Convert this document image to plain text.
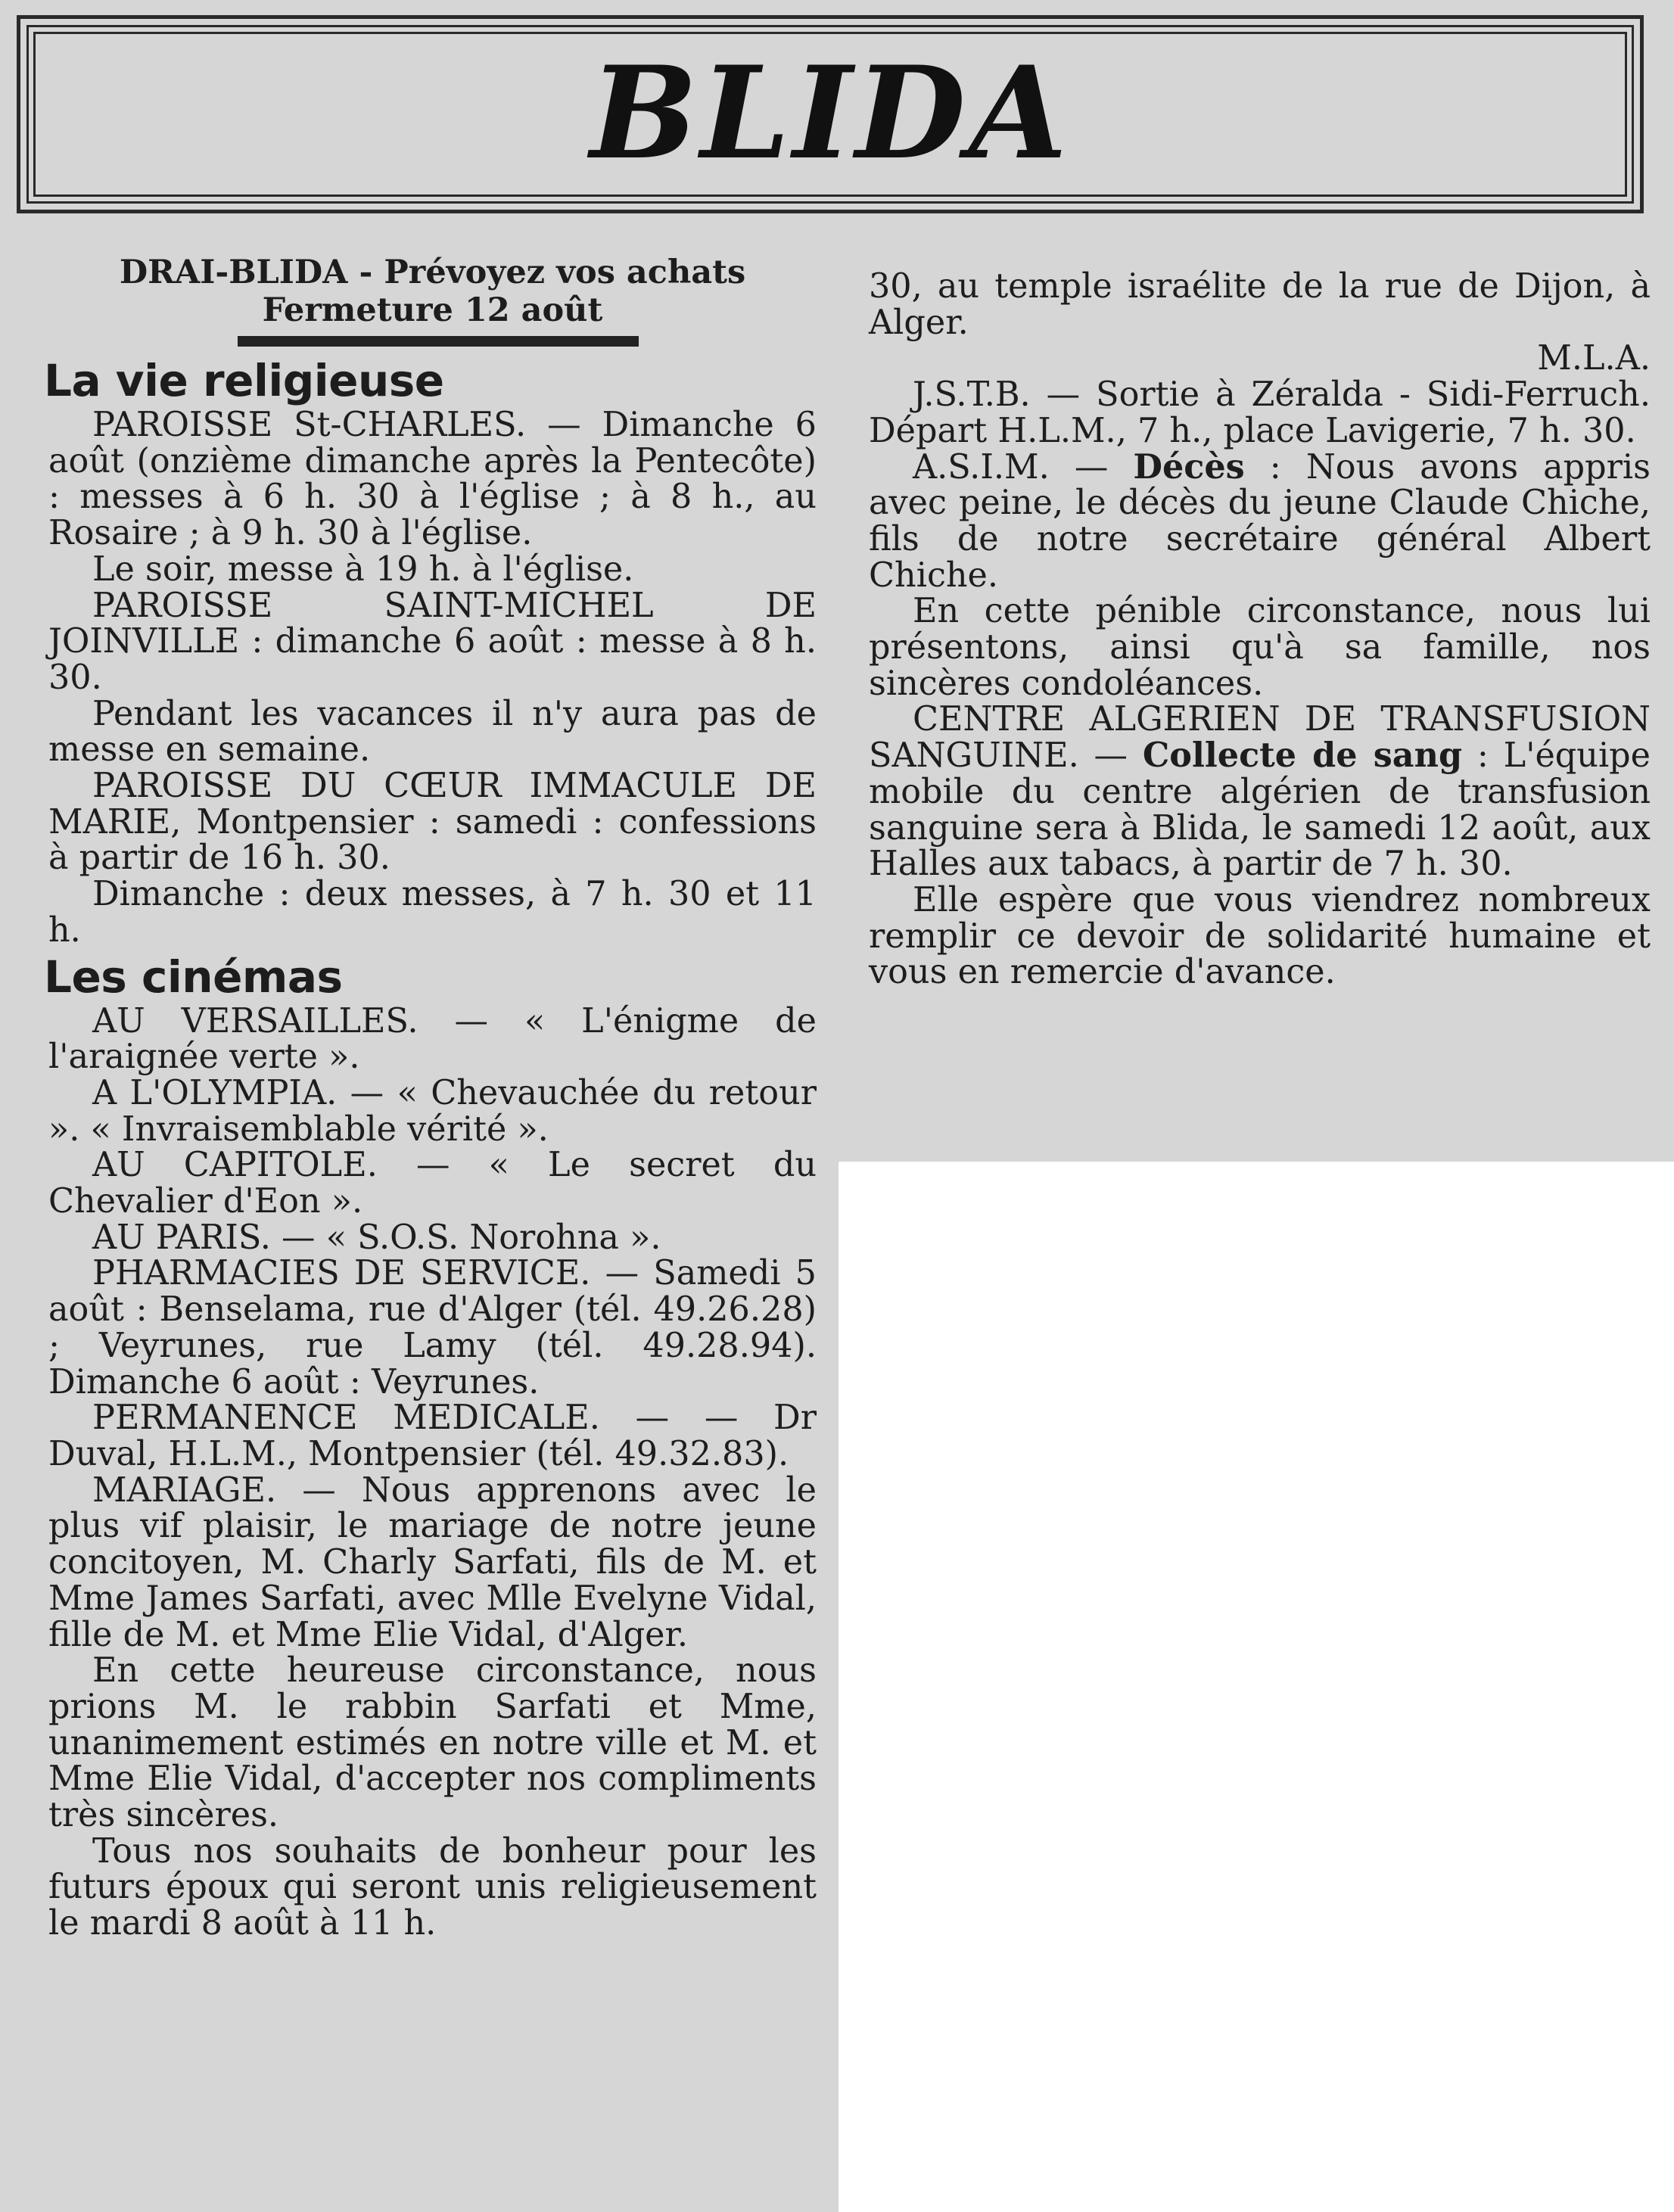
BLIDA
DRAI-BLIDA - Prévoyez vos achats
Fermeture 12 août
La vie religieuse

PAROISSE St-CHARLES. — Dimanche 6 août (onzième dimanche après la Pentecôte) : messes à 6 h. 30 à l'église ; à 8 h., au Rosaire ; à 9 h. 30 à l'église.

Le soir, messe à 19 h. à l'église.

PAROISSE SAINT-MICHEL DE JOINVILLE : dimanche 6 août : messe à 8 h. 30.

Pendant les vacances il n'y aura pas de messe en semaine.

PAROISSE DU CŒUR IMMACULE DE MARIE, Montpensier : samedi : confessions à partir de 16 h. 30.

Dimanche : deux messes, à 7 h. 30 et 11 h.

Les cinémas

AU VERSAILLES. — « L'énigme de l'araignée verte ».

A L'OLYMPIA. — « Chevauchée du retour ». « Invraisemblable vérité ».

AU CAPITOLE. — « Le secret du Chevalier d'Eon ».

AU PARIS. — « S.O.S. Norohna ».

PHARMACIES DE SERVICE. — Samedi 5 août : Benselama, rue d'Alger (tél. 49.26.28) ; Veyrunes, rue Lamy (tél. 49.28.94). Dimanche 6 août : Veyrunes.

PERMANENCE MEDICALE. — — Dr Duval, H.L.M., Montpensier (tél. 49.32.83).

MARIAGE. — Nous apprenons avec le plus vif plaisir, le mariage de notre jeune concitoyen, M. Charly Sarfati, fils de M. et Mme James Sarfati, avec Mlle Evelyne Vidal, fille de M. et Mme Elie Vidal, d'Alger.

En cette heureuse circonstance, nous prions M. le rabbin Sarfati et Mme, unanimement estimés en notre ville et M. et Mme Elie Vidal, d'accepter nos compliments très sincères.

Tous nos souhaits de bonheur pour les futurs époux qui seront unis religieusement le mardi 8 août à 11 h.

30, au temple israélite de la rue de Dijon, à Alger.

M.L.A.

J.S.T.B. — Sortie à Zéralda - Sidi-Ferruch. Départ H.L.M., 7 h., place Lavigerie, 7 h. 30.

A.S.I.M. — Décès : Nous avons appris avec peine, le décès du jeune Claude Chiche, fils de notre secrétaire général Albert Chiche.

En cette pénible circonstance, nous lui présentons, ainsi qu'à sa famille, nos sincères condoléances.

CENTRE ALGERIEN DE TRANSFUSION SANGUINE. — Collecte de sang : L'équipe mobile du centre algérien de transfusion sanguine sera à Blida, le samedi 12 août, aux Halles aux tabacs, à partir de 7 h. 30.

Elle espère que vous viendrez nombreux remplir ce devoir de solidarité humaine et vous en remercie d'avance.
